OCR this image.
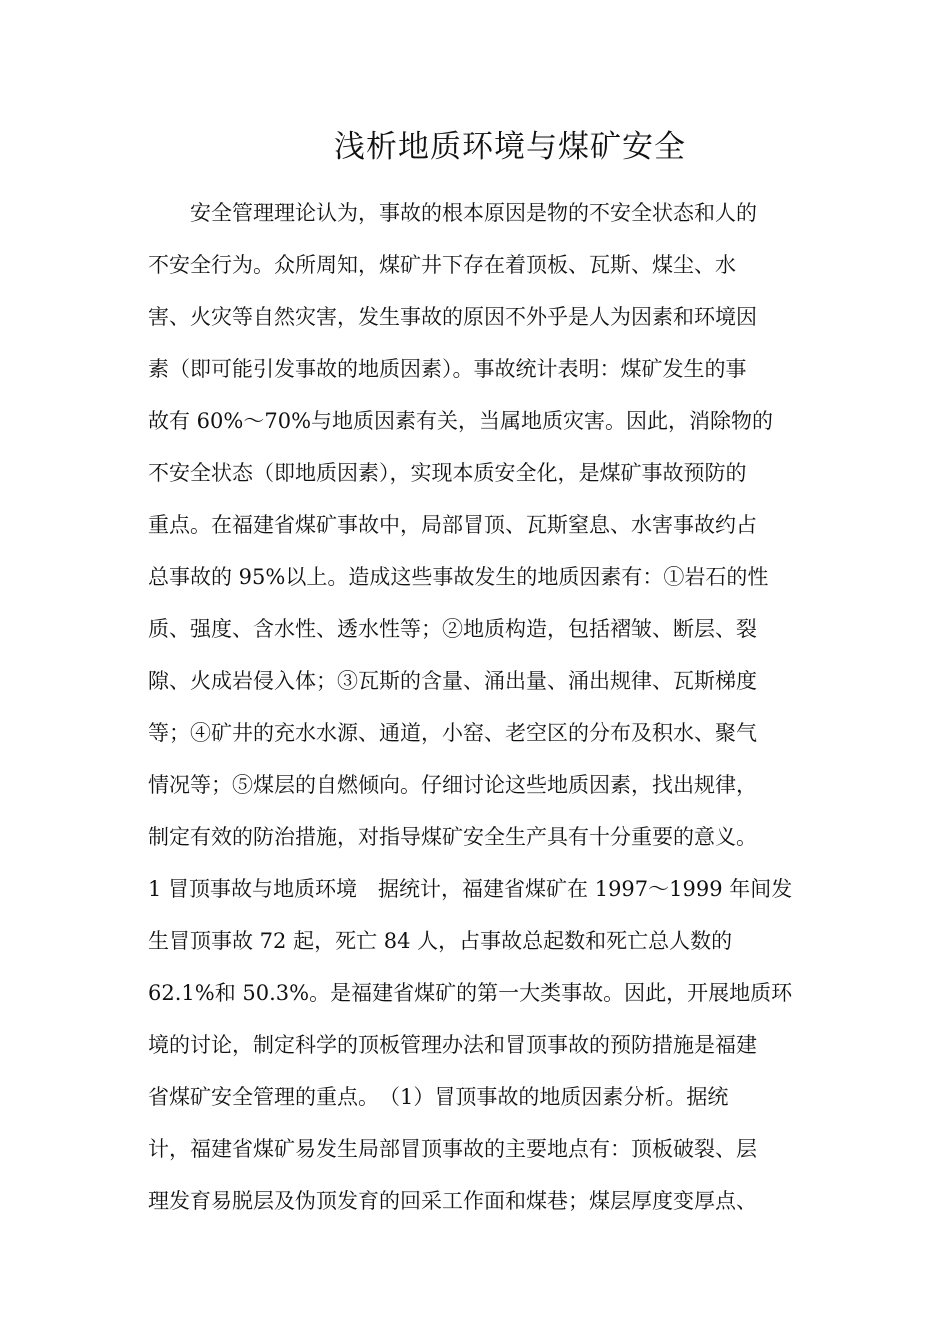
浅析地质环境与煤矿安全
　　安全管理理论认为，事故的根本原因是物的不安全状态和人的
不安全行为。众所周知，煤矿井下存在着顶板、瓦斯、煤尘、水
害、火灾等自然灾害，发生事故的原因不外乎是人为因素和环境因
素（即可能引发事故的地质因素）。事故统计表明：煤矿发生的事
故有 60%～70%与地质因素有关，当属地质灾害。因此，消除物的
不安全状态（即地质因素），实现本质安全化，是煤矿事故预防的
重点。在福建省煤矿事故中，局部冒顶、瓦斯窒息、水害事故约占
总事故的 95%以上。造成这些事故发生的地质因素有：①岩石的性
质、强度、含水性、透水性等；②地质构造，包括褶皱、断层、裂
隙、火成岩侵入体；③瓦斯的含量、涌出量、涌出规律、瓦斯梯度
等；④矿井的充水水源、通道，小窑、老空区的分布及积水、聚气
情况等；⑤煤层的自燃倾向。仔细讨论这些地质因素，找出规律，
制定有效的防治措施，对指导煤矿安全生产具有十分重要的意义。
1 冒顶事故与地质环境　据统计，福建省煤矿在 1997～1999 年间发
生冒顶事故 72 起，死亡 84 人，占事故总起数和死亡总人数的
62.1%和 50.3%。是福建省煤矿的第一大类事故。因此，开展地质环
境的讨论，制定科学的顶板管理办法和冒顶事故的预防措施是福建
省煤矿安全管理的重点。　（1）冒顶事故的地质因素分析。据统
计，福建省煤矿易发生局部冒顶事故的主要地点有：顶板破裂、层
理发育易脱层及伪顶发育的回采工作面和煤巷；煤层厚度变厚点、
